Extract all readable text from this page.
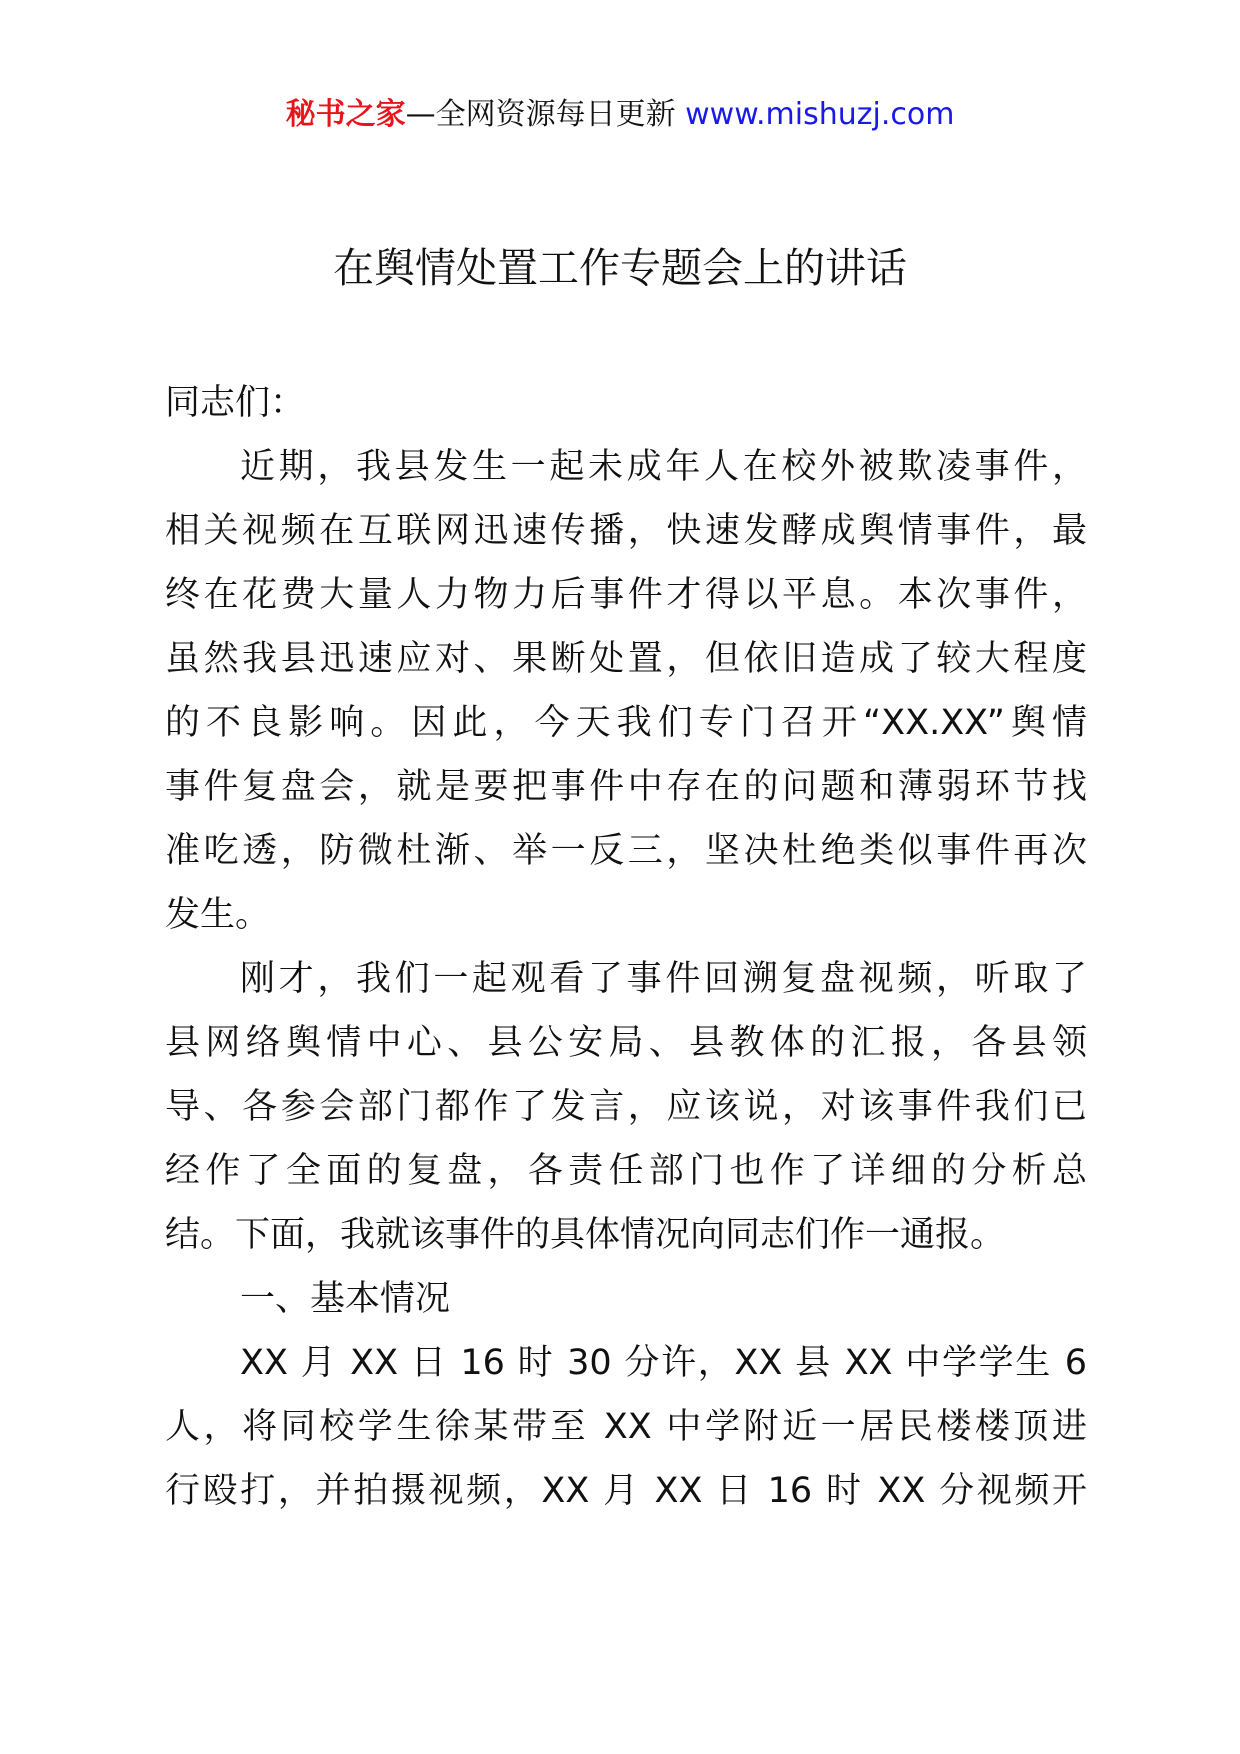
秘书之家—全网资源每日更新 www.mishuzj.com
在舆情处置工作专题会上的讲话
同志们：
近期，我县发生一起未成年人在校外被欺凌事件，
相关视频在互联网迅速传播，快速发酵成舆情事件，最
终在花费大量人力物力后事件才得以平息。本次事件，
虽然我县迅速应对、果断处置，但依旧造成了较大程度
的不良影响。因此，今天我们专门召开“XX.XX”舆情
事件复盘会，就是要把事件中存在的问题和薄弱环节找
准吃透，防微杜渐、举一反三，坚决杜绝类似事件再次
发生。
刚才，我们一起观看了事件回溯复盘视频，听取了
县网络舆情中心、县公安局、县教体的汇报，各县领
导、各参会部门都作了发言，应该说，对该事件我们已
经作了全面的复盘，各责任部门也作了详细的分析总
结。下面，我就该事件的具体情况向同志们作一通报。
一、基本情况
XX 月 XX 日 16 时 30 分许，XX 县 XX 中学学生 6
人，将同校学生徐某带至 XX 中学附近一居民楼楼顶进
行殴打，并拍摄视频，XX 月 XX 日 16 时 XX 分视频开
